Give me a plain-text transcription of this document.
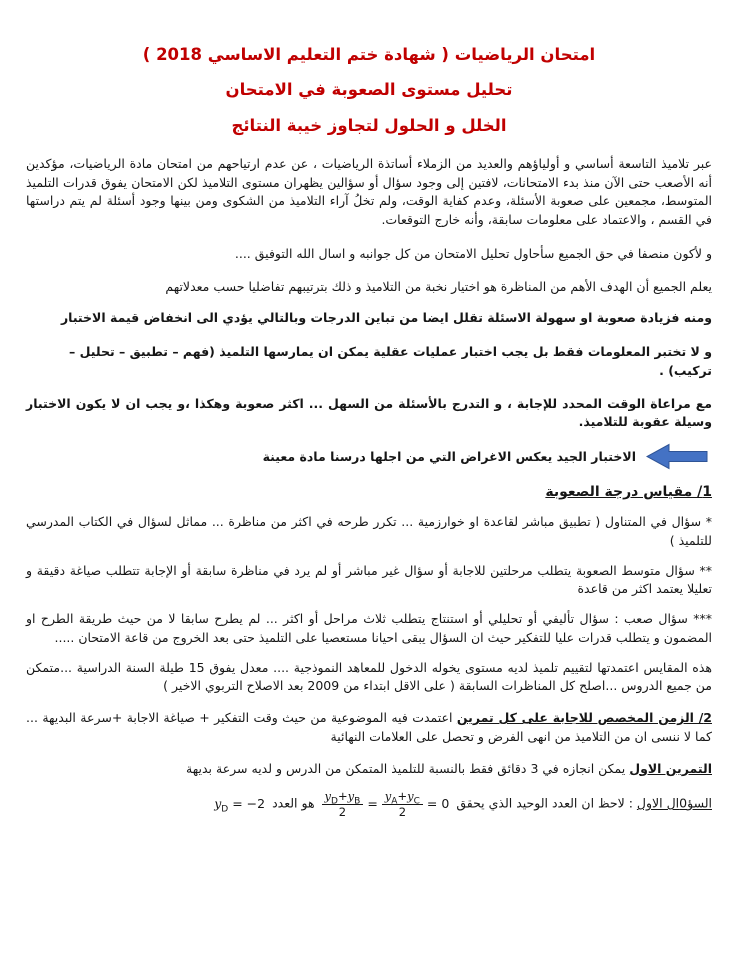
امتحان الرياضيات ( شهادة ختم التعليم الاساسي 2018 )
تحليل مستوى الصعوبة في الامتحان
الخلل و الحلول لتجاوز خيبة النتائج

عبر تلاميذ التاسعة أساسي و أولياؤهم والعديد من الزملاء أساتذة الرياضيات ، عن عدم ارتياحهم من امتحان مادة الرياضيات، مؤكدين أنه الأصعب حتى الآن منذ بدء الامتحانات، لافتين إلى وجود سؤال أو سؤالين يظهران مستوى التلاميذ لكن الامتحان يفوق قدرات التلميذ المتوسط، مجمعين على صعوبة الأسئلة، وعدم كفاية الوقت، ولم تخلُ آراء التلاميذ من الشكوى ومن بينها وجود أسئلة لم يتم دراستها في القسم ، والاعتماد على معلومات سابقة، وأنه خارج التوقعات.

و لأكون منصفا في حق الجميع سأحاول تحليل الامتحان من كل جوانبه و اسال الله التوفيق ....

يعلم الجميع أن الهدف الأهم من المناظرة هو اختيار نخبة من التلاميذ و ذلك بترتيبهم تفاضليا حسب معدلاتهم

ومنه فزيادة صعوبة او سهولة الاسئلة تقلل ايضا من تباين الدرجات وبالتالي يؤدي الى انخفاض قيمة الاختبار

و لا تختبر المعلومات فقط بل يجب اختبار عمليات عقلية يمكن ان يمارسها التلميذ (فهم – تطبيق – تحليل – تركيب) .

مع مراعاة الوقت المحدد للإجابة ، و التدرج بالأسئلة من السهل ... اكثر صعوبة وهكذا ،و يجب ان لا يكون الاختبار وسيلة عقوبة للتلاميذ.

الاختبار الجيد يعكس الاغراض التي من اجلها درسنا مادة معينة

1/ مقياس درجة الصعوبة

* سؤال في المتناول ( تطبيق مباشر لقاعدة او خوارزمية ... تكرر طرحه في اكثر من مناظرة ... مماثل لسؤال في الكتاب المدرسي للتلميذ )

** سؤال متوسط الصعوبة يتطلب مرحلتين للاجابة أو سؤال غير مباشر أو لم يرد في مناظرة سابقة أو الإجابة تتطلب صياغة دقيقة و تعليلا يعتمد اكثر من قاعدة

*** سؤال صعب : سؤال تأليفي أو تحليلي أو استنتاج يتطلب ثلاث مراحل أو اكثر ... لم يطرح سابقا لا من حيث طريقة الطرح او المضمون و يتطلب قدرات عليا للتفكير حيث ان السؤال يبقى احيانا مستعصيا على التلميذ حتى بعد الخروج من قاعة الامتحان .....

هذه المقايس اعتمدتها لتقييم تلميذ لديه مستوى يخوله الدخول للمعاهد النموذجية .... معدل يفوق 15 طيلة السنة الدراسية ...متمكن من جميع الدروس ...اصلح كل المناظرات السابقة ( على الاقل ابتداء من 2009 بعد الاصلاح التربوي الاخير )

2/ الزمن المخصص للاجابة على كل تمرين اعتمدت فيه الموضوعية من حيث وقت التفكير + صياغة الاجابة +سرعة البديهة ... كما لا ننسى ان من التلاميذ من انهى الفرض و تحصل على العلامات النهائية

التمرين الاول يمكن انجازه في 3 دقائق فقط بالنسبة للتلميذ المتمكن من الدرس و لديه سرعة بديهة

السؤ0ال الاول : لاحظ ان العدد الوحيد الذي يحقق
$\frac{y_D+y_B}{2} = \frac{y_A+y_C}{2} = 0$
هو العدد
$y_D = -2$
